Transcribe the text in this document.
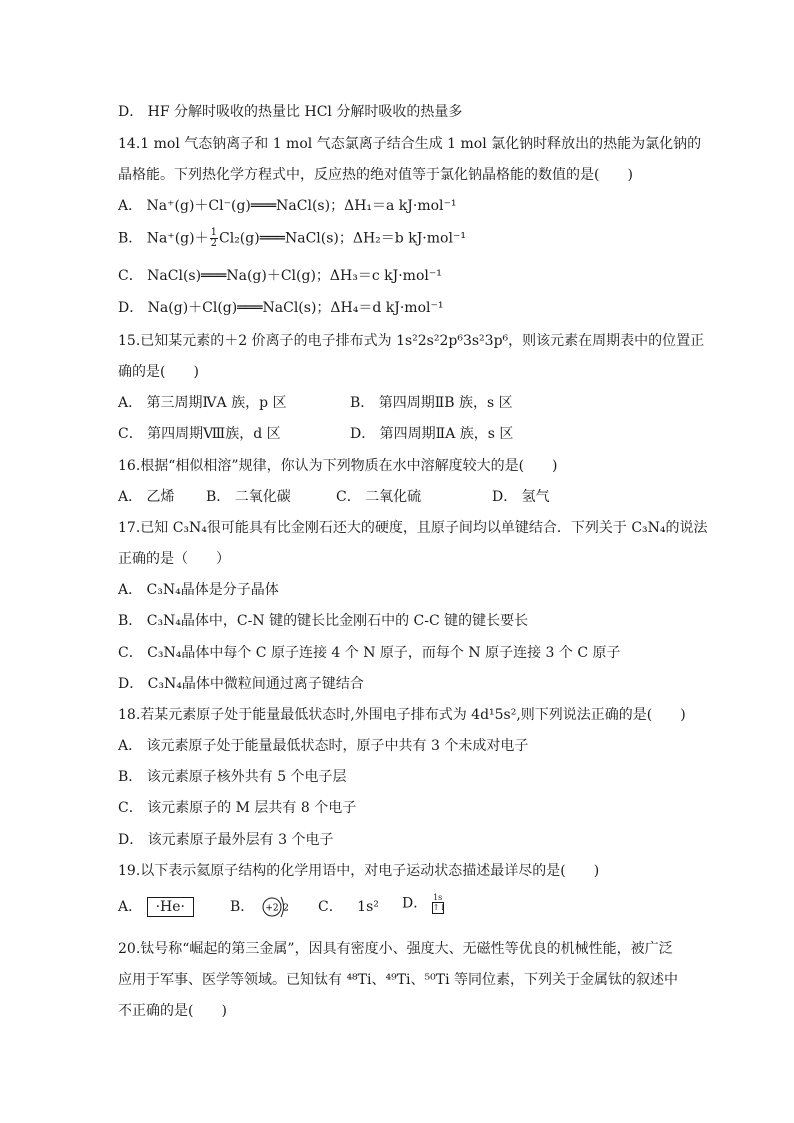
D． HF 分解时吸收的热量比 HCl 分解时吸收的热量多
14.1 mol 气态钠离子和 1 mol 气态氯离子结合生成 1 mol 氯化钠时释放出的热能为氯化钠的
晶格能。下列热化学方程式中，反应热的绝对值等于氯化钠晶格能的数值的是(　　)
A． Na⁺(g)＋Cl⁻(g)═══NaCl(s)；ΔH₁＝a kJ·mol⁻¹
B． $Na^+(g)+ \frac{1}{2}$ Cl₂(g)═══NaCl(s)；ΔH₂＝b kJ·mol⁻¹
C． NaCl(s)═══Na(g)＋Cl(g)；ΔH₃＝c kJ·mol⁻¹
D． Na(g)＋Cl(g)═══NaCl(s)；ΔH₄＝d kJ·mol⁻¹
15.已知某元素的＋2 价离子的电子排布式为 1s²2s²2p⁶3s²3p⁶，则该元素在周期表中的位置正
确的是(　　)
A． 第三周期ⅣA 族，p 区	B． 第四周期ⅡB 族，s 区
C． 第四周期Ⅷ族，d 区	D． 第四周期ⅡA 族，s 区
16.根据“相似相溶”规律，你认为下列物质在水中溶解度较大的是(　　)
A． 乙烯 B． 二氧化碳	C． 二氧化硫	D． 氢气
17.已知 C₃N₄很可能具有比金刚石还大的硬度，且原子间均以单键结合．下列关于 C₃N₄的说法
正确的是（　　）
A． C₃N₄晶体是分子晶体
B． C₃N₄晶体中，C-N 键的键长比金刚石中的 C-C 键的键长要长
C． C₃N₄晶体中每个 C 原子连接 4 个 N 原子，而每个 N 原子连接 3 个 C 原子
D． C₃N₄晶体中微粒间通过离子键结合
18.若某元素原子处于能量最低状态时,外围电子排布式为 4d¹5s²,则下列说法正确的是(　　)
A． 该元素原子处于能量最低状态时，原子中共有 3 个未成对电子
B． 该元素原子核外共有 5 个电子层
C． 该元素原子的 M 层共有 8 个电子
D． 该元素原子最外层有 3 个电子
19.以下表示氦原子结构的化学用语中，对电子运动状态描述最详尽的是(　　)
A． ·He·	B． +2 2 C． 1s² D． 1s
↑↓
20.钛号称“崛起的第三金属”，因具有密度小、强度大、无磁性等优良的机械性能，被广泛
应用于军事、医学等领域。已知钛有 ⁴⁸Ti、⁴⁹Ti、⁵⁰Ti 等同位素，下列关于金属钛的叙述中
不正确的是(　　)
